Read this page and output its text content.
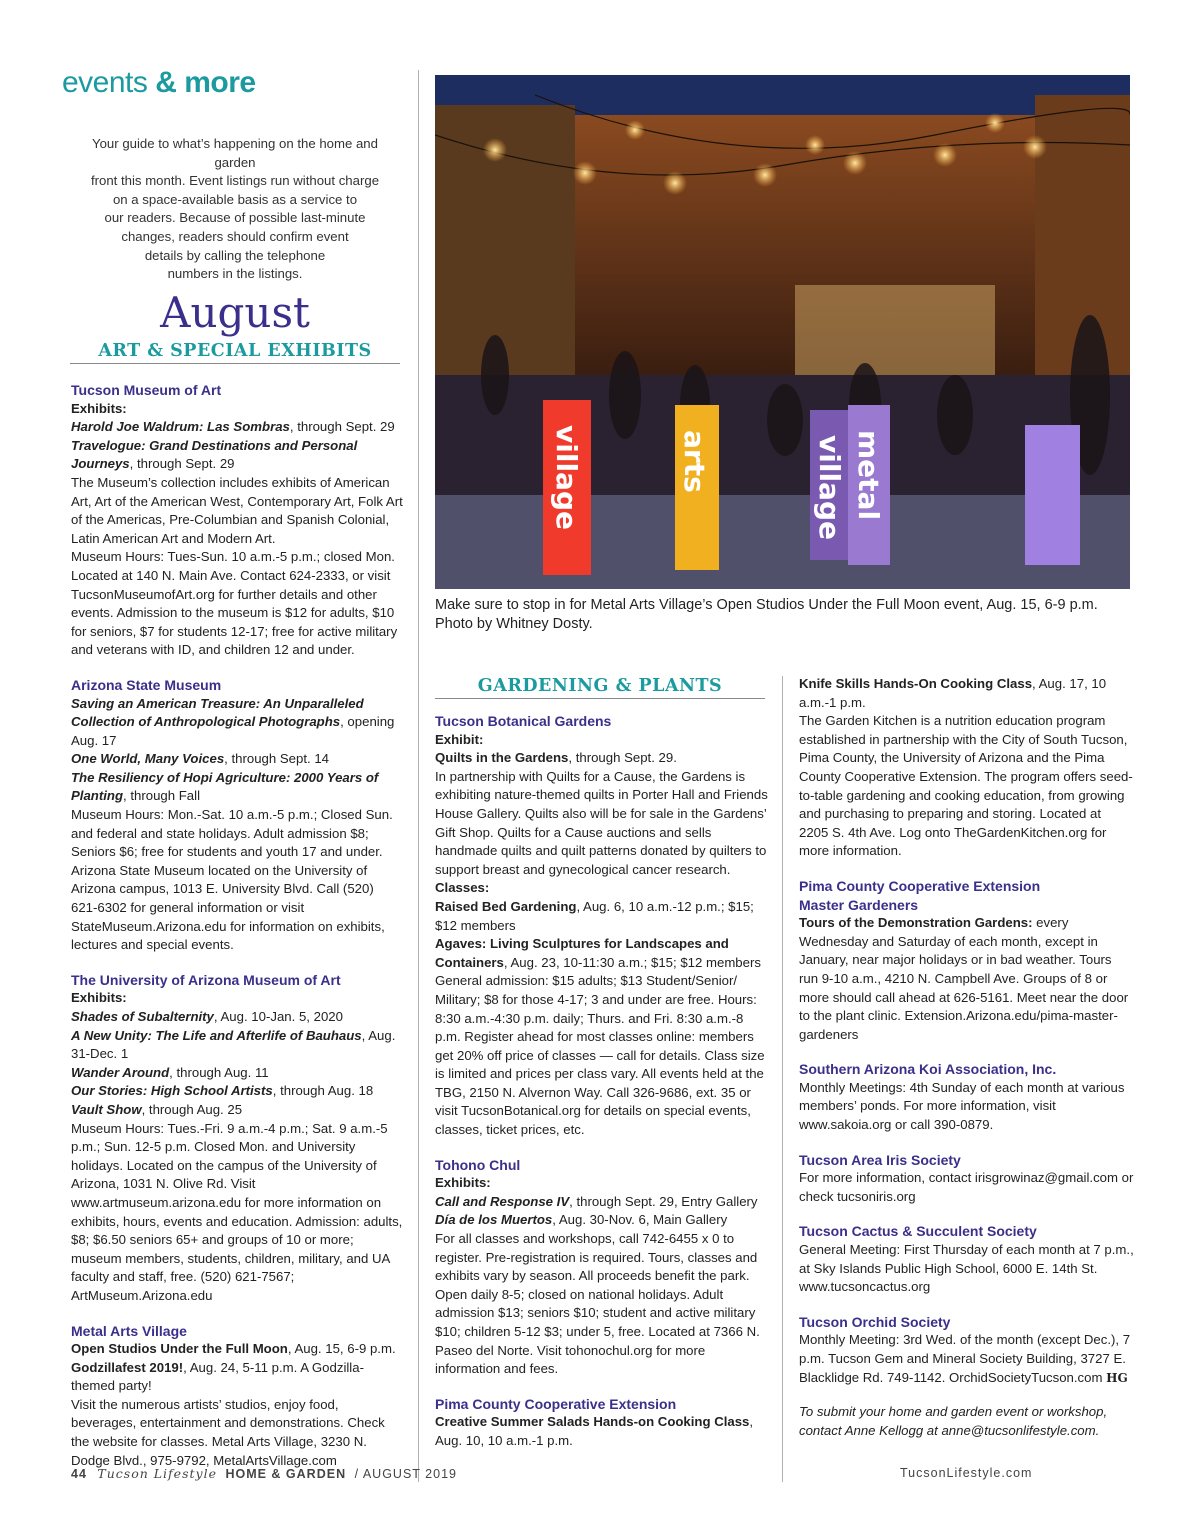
events & more
Your guide to what’s happening on the home and garden
front this month. Event listings run without charge
on a space-available basis as a service to
our readers. Because of possible last-minute
changes, readers should confirm event
details by calling the telephone
numbers in the listings.
August
ART & SPECIAL EXHIBITS
Tucson Museum of Art

Exhibits:

Harold Joe Waldrum: Las Sombras, through Sept. 29

Travelogue: Grand Destinations and Personal Journeys, through Sept. 29

The Museum’s collection includes exhibits of American Art, Art of the American West, Contemporary Art, Folk Art of the Americas, Pre-Columbian and Spanish Colonial, Latin American Art and Modern Art.

Museum Hours: Tues-Sun. 10 a.m.-5 p.m.; closed Mon. Located at 140 N. Main Ave. Contact 624-2333, or visit TucsonMuseumofArt.org for further details and other events. Admission to the museum is $12 for adults, $10 for seniors, $7 for students 12-17; free for active military and veterans with ID, and children 12 and under.

Arizona State Museum

Saving an American Treasure: An Unparalleled Collection of Anthropological Photographs, opening Aug. 17

One World, Many Voices, through Sept. 14

The Resiliency of Hopi Agriculture: 2000 Years of Planting, through Fall

Museum Hours: Mon.-Sat. 10 a.m.-5 p.m.; Closed Sun. and federal and state holidays. Adult admission $8; Seniors $6; free for students and youth 17 and under. Arizona State Museum located on the University of Arizona campus, 1013 E. University Blvd. Call (520) 621-6302 for general information or visit StateMuseum.Arizona.edu for information on exhibits, lectures and special events.

The University of Arizona Museum of Art

Exhibits:

Shades of Subalternity, Aug. 10-Jan. 5, 2020

A New Unity: The Life and Afterlife of Bauhaus, Aug. 31-Dec. 1

Wander Around, through Aug. 11

Our Stories: High School Artists, through Aug. 18

Vault Show, through Aug. 25

Museum Hours: Tues.-Fri. 9 a.m.-4 p.m.; Sat. 9 a.m.-5 p.m.; Sun. 12-5 p.m. Closed Mon. and University holidays. Located on the campus of the University of Arizona, 1031 N. Olive Rd. Visit www.artmuseum.arizona.edu for more information on exhibits, hours, events and education. Admission: adults, $8; $6.50 seniors 65+ and groups of 10 or more; museum members, students, children, military, and UA faculty and staff, free. (520) 621-7567; ArtMuseum.Arizona.edu

Metal Arts Village

Open Studios Under the Full Moon, Aug. 15, 6-9 p.m.

Godzillafest 2019!, Aug. 24, 5-11 p.m. A Godzilla-themed party!

Visit the numerous artists’ studios, enjoy food, beverages, entertainment and demonstrations. Check the website for classes. Metal Arts Village, 3230 N. Dodge Blvd., 975-9792, MetalArtsVillage.com

village	arts	village metal
Make sure to stop in for Metal Arts Village’s Open Studios Under the Full Moon event, Aug. 15, 6-9 p.m.
Photo by Whitney Dosty.
GARDENING & PLANTS
Tucson Botanical Gardens

Exhibit:

Quilts in the Gardens, through Sept. 29.

In partnership with Quilts for a Cause, the Gardens is exhibiting nature-themed quilts in Porter Hall and Friends House Gallery. Quilts also will be for sale in the Gardens’ Gift Shop. Quilts for a Cause auctions and sells handmade quilts and quilt patterns donated by quilters to support breast and gynecological cancer research.

Classes:

Raised Bed Gardening, Aug. 6, 10 a.m.-12 p.m.; $15; $12 members

Agaves: Living Sculptures for Landscapes and Containers, Aug. 23, 10-11:30 a.m.; $15; $12 members

General admission: $15 adults; $13 Student/Senior/ Military; $8 for those 4-17; 3 and under are free. Hours: 8:30 a.m.-4:30 p.m. daily; Thurs. and Fri. 8:30 a.m.-8 p.m. Register ahead for most classes online: members get 20% off price of classes — call for details. Class size is limited and prices per class vary. All events held at the TBG, 2150 N. Alvernon Way. Call 326-9686, ext. 35 or visit TucsonBotanical.org for details on special events, classes, ticket prices, etc.

Tohono Chul

Exhibits:

Call and Response IV, through Sept. 29, Entry Gallery

Día de los Muertos, Aug. 30-Nov. 6, Main Gallery

For all classes and workshops, call 742-6455 x 0 to register. Pre-registration is required. Tours, classes and exhibits vary by season. All proceeds benefit the park. Open daily 8-5; closed on national holidays. Adult admission $13; seniors $10; student and active military $10; children 5-12 $3; under 5, free. Located at 7366 N. Paseo del Norte. Visit tohonochul.org for more information and fees.

Pima County Cooperative Extension

Creative Summer Salads Hands-on Cooking Class, Aug. 10, 10 a.m.-1 p.m.

Knife Skills Hands-On Cooking Class, Aug. 17, 10 a.m.-1 p.m.

The Garden Kitchen is a nutrition education program established in partnership with the City of South Tucson, Pima County, the University of Arizona and the Pima County Cooperative Extension. The program offers seed-to-table gardening and cooking education, from growing and purchasing to preparing and storing. Located at 2205 S. 4th Ave. Log onto TheGardenKitchen.org for more information.

Pima County Cooperative Extension
Master Gardeners

Tours of the Demonstration Gardens: every Wednesday and Saturday of each month, except in January, near major holidays or in bad weather. Tours run 9-10 a.m., 4210 N. Campbell Ave. Groups of 8 or more should call ahead at 626-5161. Meet near the door to the plant clinic. Extension.Arizona.edu/pima-master-gardeners

Southern Arizona Koi Association, Inc.

Monthly Meetings: 4th Sunday of each month at various members’ ponds. For more information, visit www.sakoia.org or call 390-0879.

Tucson Area Iris Society

For more information, contact irisgrowinaz@gmail.com or check tucsoniris.org

Tucson Cactus & Succulent Society

General Meeting: First Thursday of each month at 7 p.m., at Sky Islands Public High School, 6000 E. 14th St. www.tucsoncactus.org

Tucson Orchid Society

Monthly Meeting: 3rd Wed. of the month (except Dec.), 7 p.m. Tucson Gem and Mineral Society Building, 3727 E. Blacklidge Rd. 749-1142. OrchidSocietyTucson.com HG

To submit your home and garden event or workshop, contact Anne Kellogg at anne@tucsonlifestyle.com.

44 Tucson Lifestyle HOME & GARDEN / AUGUST 2019	TucsonLifestyle.com
